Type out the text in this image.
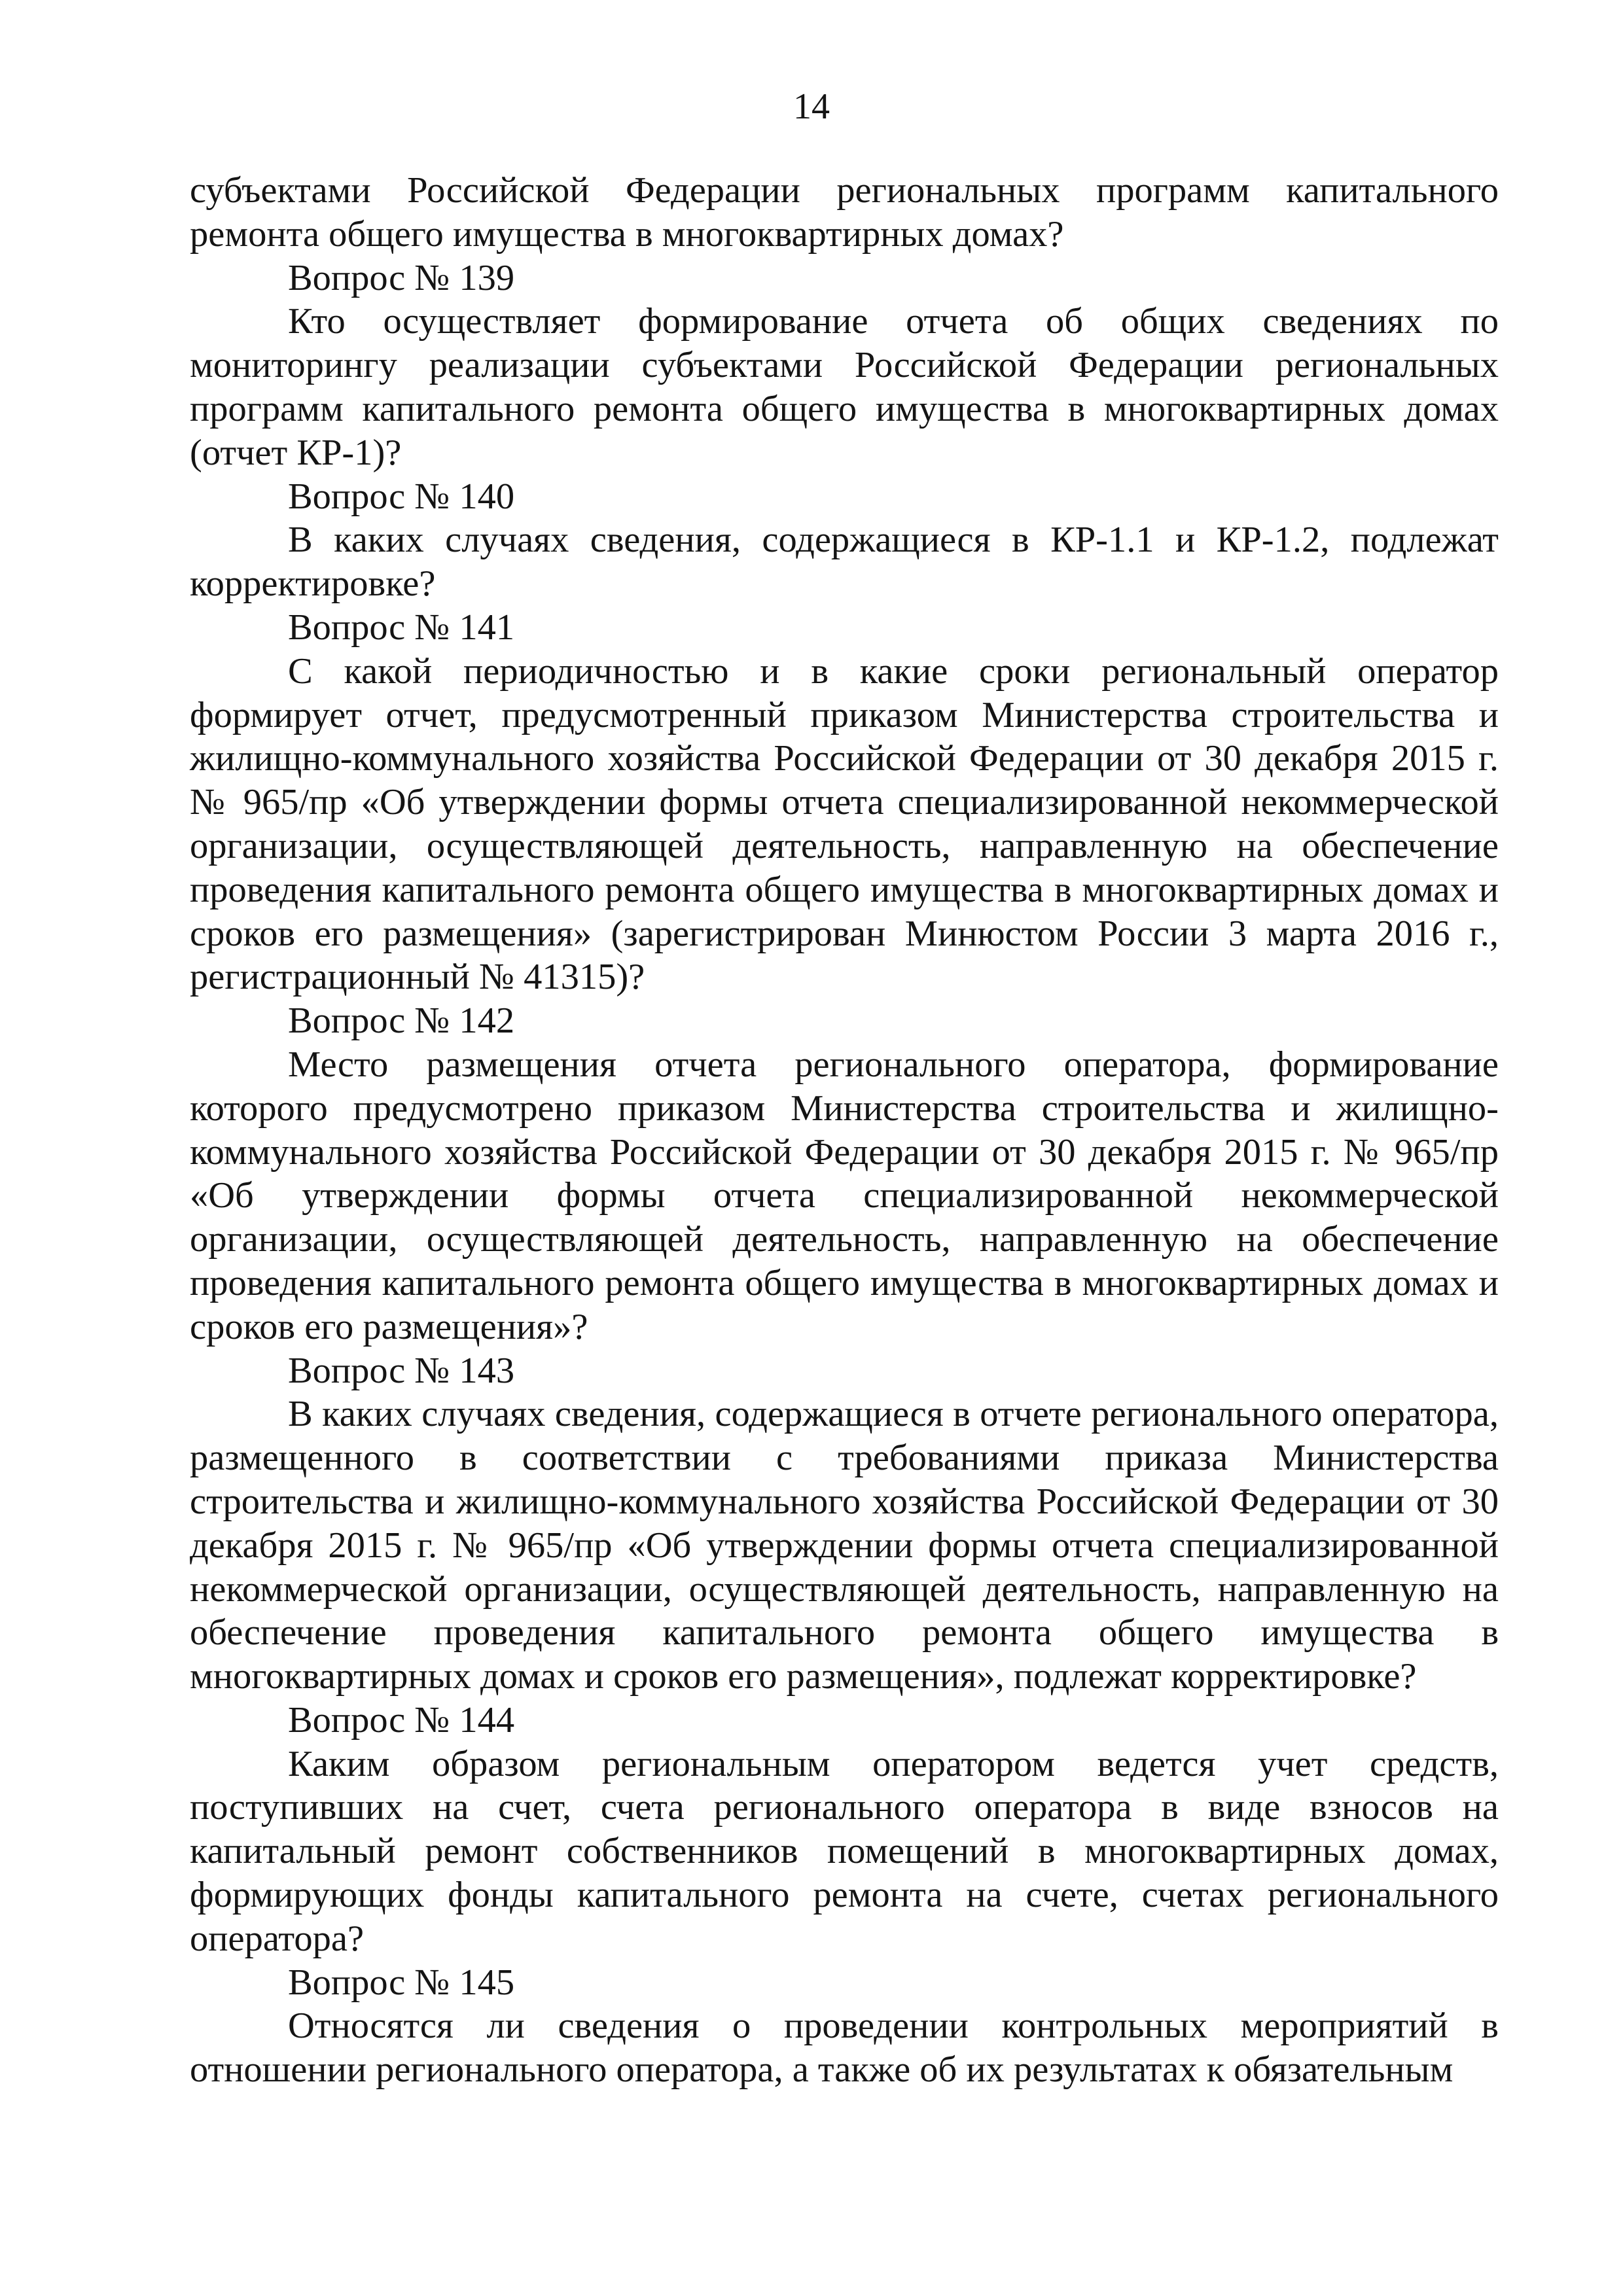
14

субъектами Российской Федерации региональных программ капитального ремонта общего имущества в многоквартирных домах?

Вопрос № 139

Кто осуществляет формирование отчета об общих сведениях по мониторингу реализации субъектами Российской Федерации региональных программ капитального ремонта общего имущества в многоквартирных домах (отчет КР-1)?

Вопрос № 140

В каких случаях сведения, содержащиеся в КР-1.1 и КР-1.2, подлежат корректировке?

Вопрос № 141

С какой периодичностью и в какие сроки региональный оператор формирует отчет, предусмотренный приказом Министерства строительства и жилищно-коммунального хозяйства Российской Федерации от 30 декабря 2015 г. № 965/пр «Об утверждении формы отчета специализированной некоммерческой организации, осуществляющей деятельность, направленную на обеспечение проведения капитального ремонта общего имущества в многоквартирных домах и сроков его размещения» (зарегистрирован Минюстом России 3 марта 2016 г., регистрационный № 41315)?

Вопрос № 142

Место размещения отчета регионального оператора, формирование которого предусмотрено приказом Министерства строительства и жилищно-коммунального хозяйства Российской Федерации от 30 декабря 2015 г. № 965/пр «Об утверждении формы отчета специализированной некоммерческой организации, осуществляющей деятельность, направленную на обеспечение проведения капитального ремонта общего имущества в многоквартирных домах и сроков его размещения»?

Вопрос № 143

В каких случаях сведения, содержащиеся в отчете регионального оператора, размещенного в соответствии с требованиями приказа Министерства строительства и жилищно-коммунального хозяйства Российской Федерации от 30 декабря 2015 г. № 965/пр «Об утверждении формы отчета специализированной некоммерческой организации, осуществляющей деятельность, направленную на обеспечение проведения капитального ремонта общего имущества в многоквартирных домах и сроков его размещения», подлежат корректировке?

Вопрос № 144

Каким образом региональным оператором ведется учет средств, поступивших на счет, счета регионального оператора в виде взносов на капитальный ремонт собственников помещений в многоквартирных домах, формирующих фонды капитального ремонта на счете, счетах регионального оператора?

Вопрос № 145

Относятся ли сведения о проведении контрольных мероприятий в отношении регионального оператора, а также об их результатах к обязательным
